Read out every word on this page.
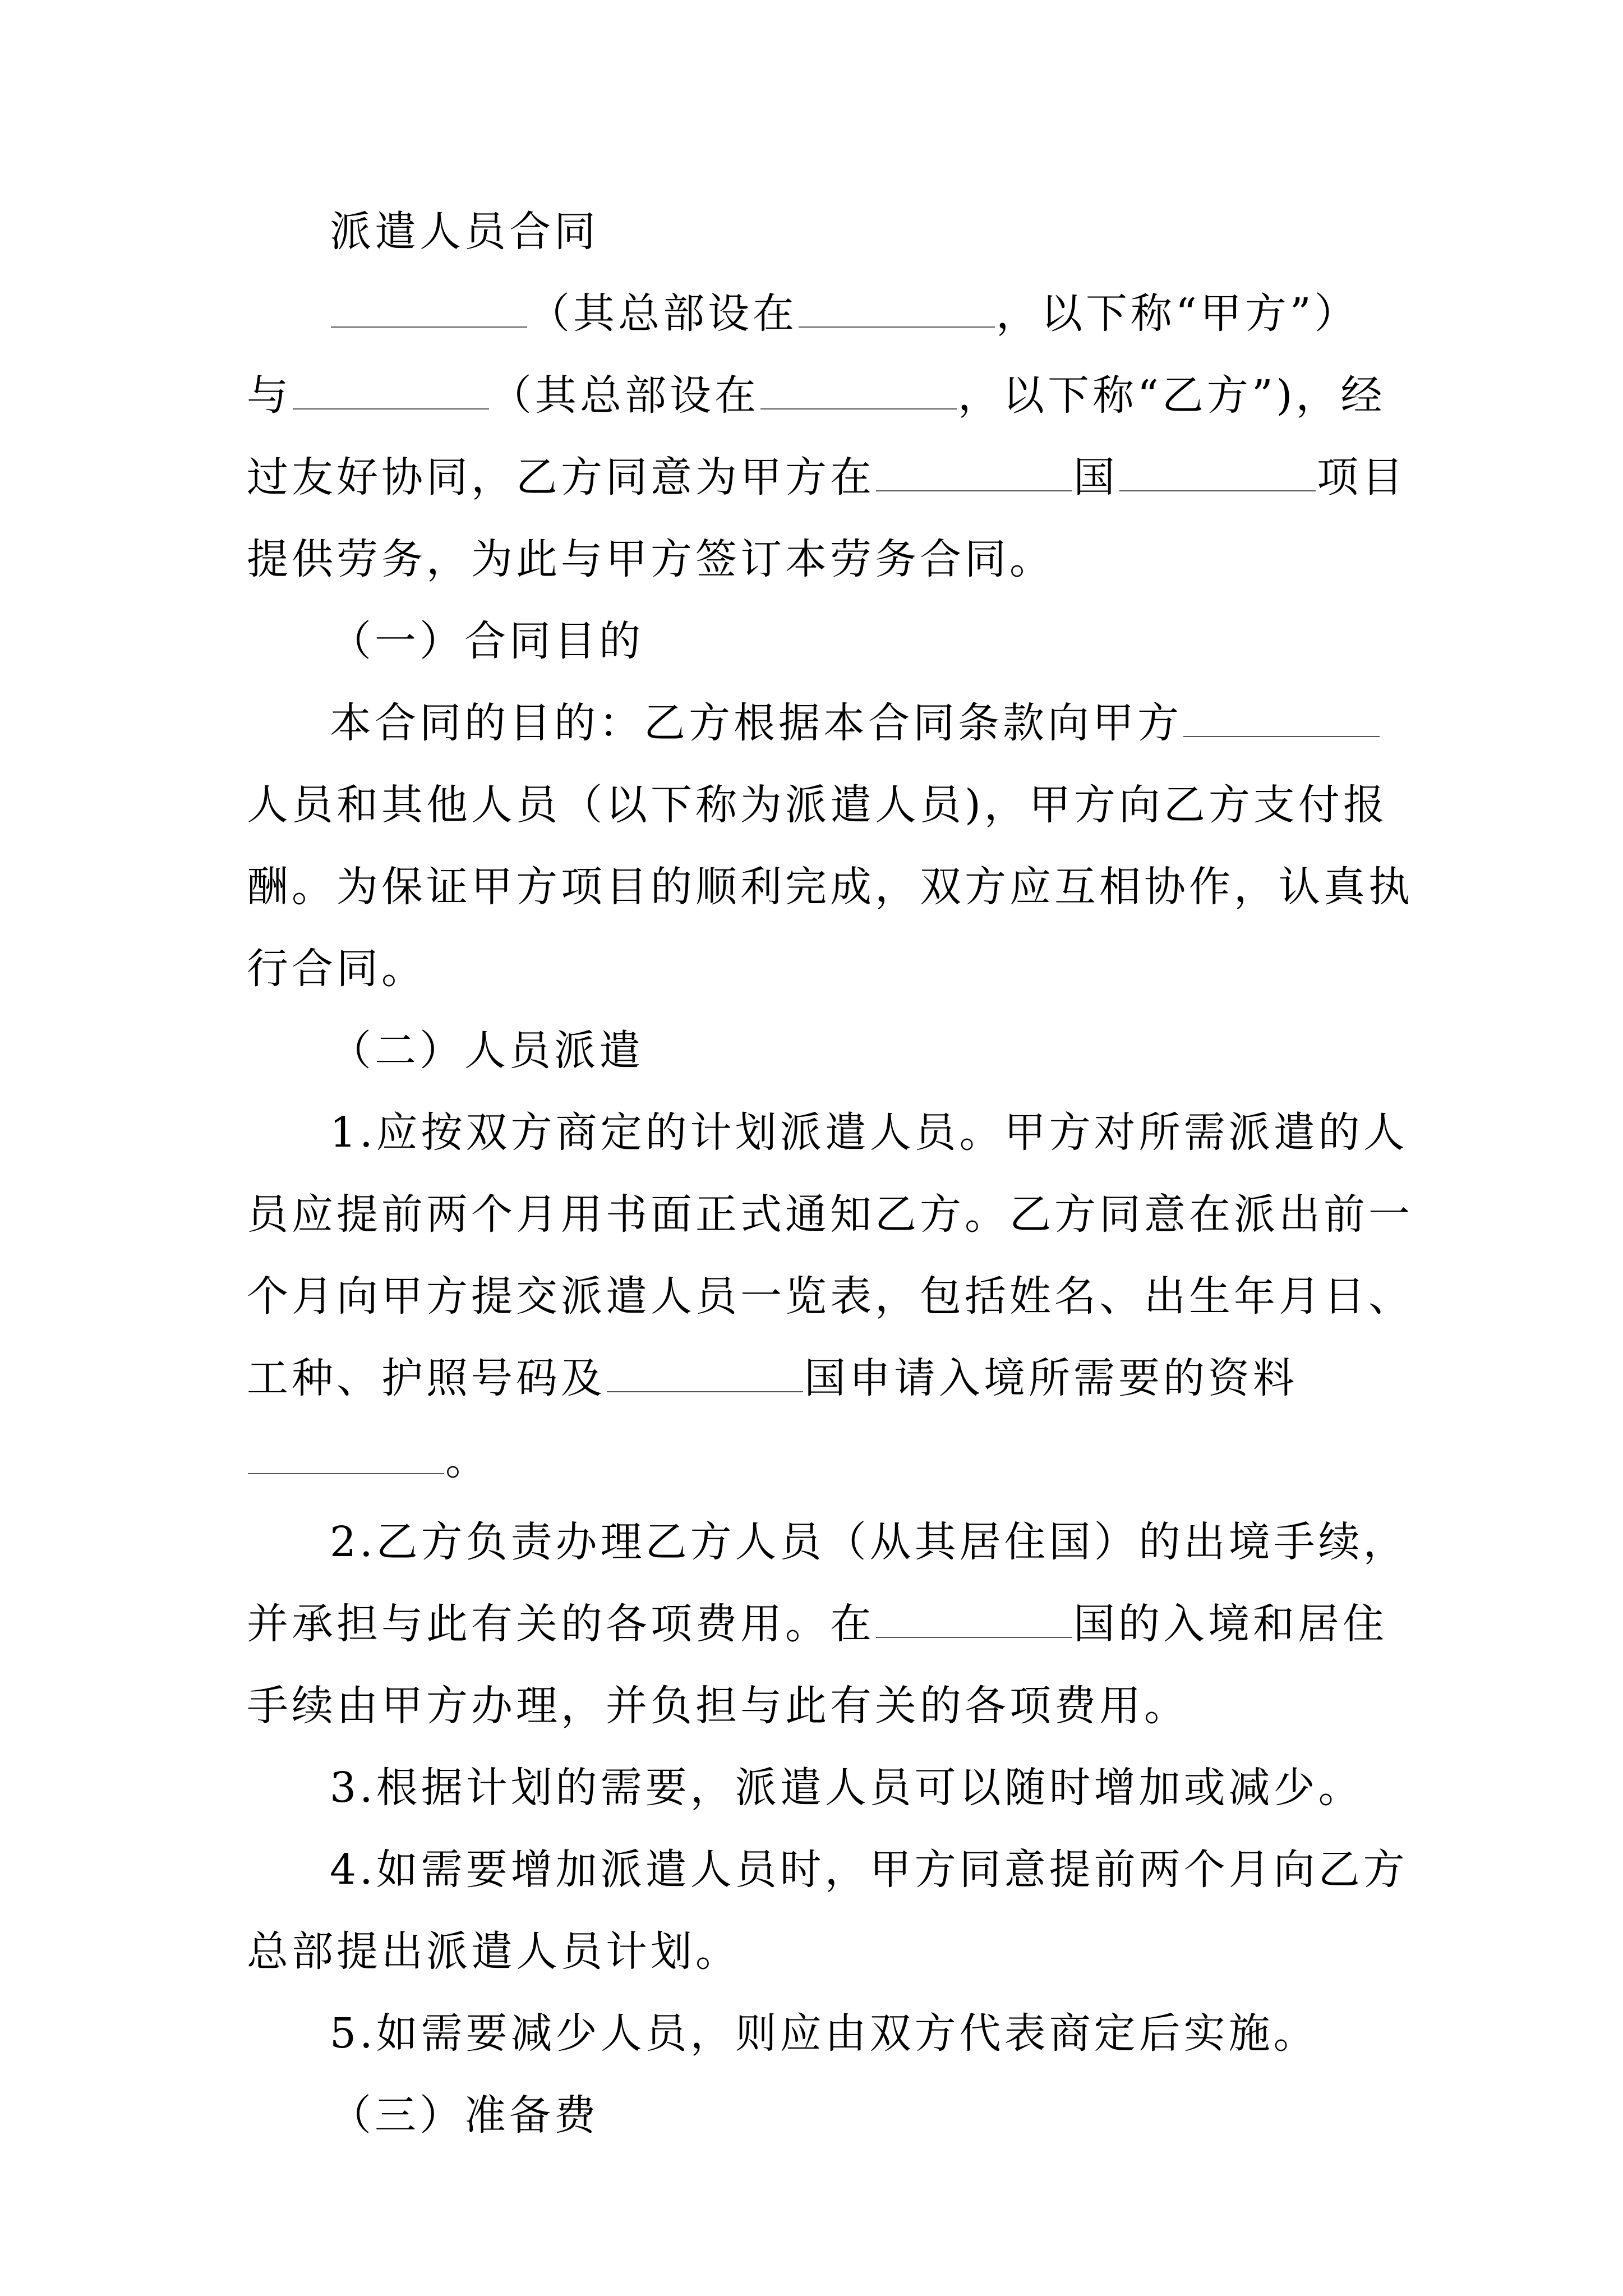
派遣人员合同
（其总部设在	，以下称“甲方”）
与	（其总部设在	，以下称“乙方”)，经
过友好协同，乙方同意为甲方在	国	项目
提供劳务，为此与甲方签订本劳务合同。
（一）合同目的
本合同的目的：乙方根据本合同条款向甲方
人员和其他人员（以下称为派遣人员)，甲方向乙方支付报
酬。为保证甲方项目的顺利完成，双方应互相协作，认真执
行合同。
（二）人员派遣
1.应按双方商定的计划派遣人员。甲方对所需派遣的人
员应提前两个月用书面正式通知乙方。乙方同意在派出前一
个月向甲方提交派遣人员一览表，包括姓名、出生年月日、
工种、护照号码及	国申请入境所需要的资料
。
2.乙方负责办理乙方人员（从其居住国）的出境手续，
并承担与此有关的各项费用。在	国的入境和居住
手续由甲方办理，并负担与此有关的各项费用。
3.根据计划的需要，派遣人员可以随时增加或减少。
4.如需要增加派遣人员时，甲方同意提前两个月向乙方
总部提出派遣人员计划。
5.如需要减少人员，则应由双方代表商定后实施。
（三）准备费
